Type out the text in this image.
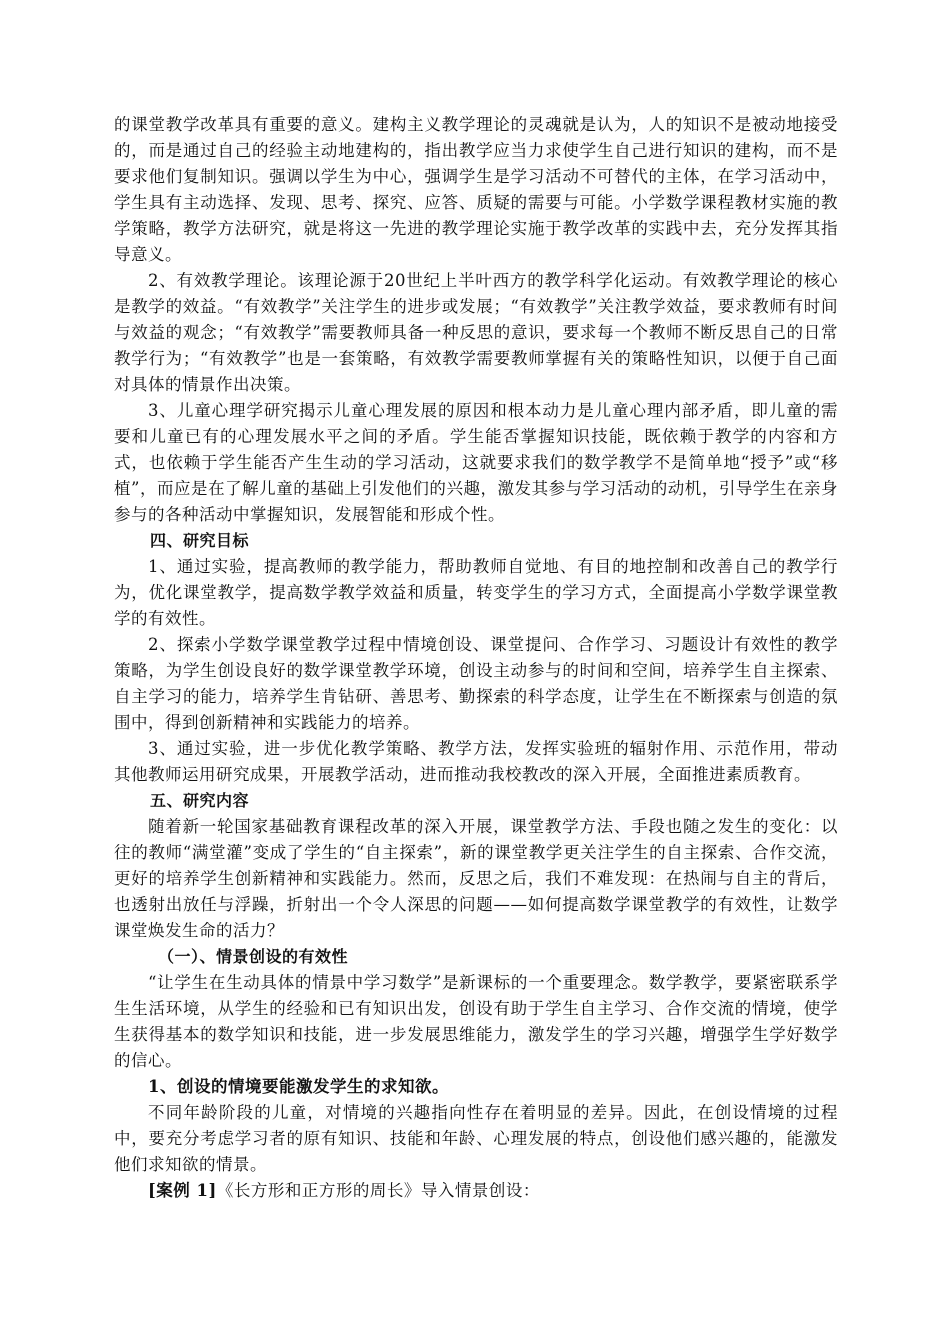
的课堂教学改革具有重要的意义。建构主义教学理论的灵魂就是认为，人的知识不是被动地接受的，而是通过自己的经验主动地建构的，指出教学应当力求使学生自己进行知识的建构，而不是要求他们复制知识。强调以学生为中心，强调学生是学习活动不可替代的主体，在学习活动中，学生具有主动选择、发现、思考、探究、应答、质疑的需要与可能。小学数学课程教材实施的教学策略，教学方法研究，就是将这一先进的教学理论实施于教学改革的实践中去，充分发挥其指导意义。

2、有效教学理论。该理论源于20世纪上半叶西方的教学科学化运动。有效教学理论的核心是教学的效益。“有效教学”关注学生的进步或发展；“有效教学”关注教学效益，要求教师有时间与效益的观念；“有效教学”需要教师具备一种反思的意识，要求每一个教师不断反思自己的日常教学行为；“有效教学”也是一套策略，有效教学需要教师掌握有关的策略性知识，以便于自己面对具体的情景作出决策。

3、儿童心理学研究揭示儿童心理发展的原因和根本动力是儿童心理内部矛盾，即儿童的需要和儿童已有的心理发展水平之间的矛盾。学生能否掌握知识技能，既依赖于教学的内容和方式，也依赖于学生能否产生生动的学习活动，这就要求我们的数学教学不是简单地“授予”或“移植”，而应是在了解儿童的基础上引发他们的兴趣，激发其参与学习活动的动机，引导学生在亲身参与的各种活动中掌握知识，发展智能和形成个性。

四、研究目标

1、通过实验，提高教师的教学能力，帮助教师自觉地、有目的地控制和改善自己的教学行为，优化课堂教学，提高数学教学效益和质量，转变学生的学习方式，全面提高小学数学课堂教学的有效性。

2、探索小学数学课堂教学过程中情境创设、课堂提问、合作学习、习题设计有效性的教学策略，为学生创设良好的数学课堂教学环境，创设主动参与的时间和空间，培养学生自主探索、自主学习的能力，培养学生肯钻研、善思考、勤探索的科学态度，让学生在不断探索与创造的氛围中，得到创新精神和实践能力的培养。

3、通过实验，进一步优化教学策略、教学方法，发挥实验班的辐射作用、示范作用，带动其他教师运用研究成果，开展教学活动，进而推动我校教改的深入开展，全面推进素质教育。

五、研究内容

随着新一轮国家基础教育课程改革的深入开展，课堂教学方法、手段也随之发生的变化：以往的教师“满堂灌”变成了学生的“自主探索”，新的课堂教学更关注学生的自主探索、合作交流，更好的培养学生创新精神和实践能力。然而，反思之后，我们不难发现：在热闹与自主的背后，也透射出放任与浮躁，折射出一个令人深思的问题——如何提高数学课堂教学的有效性，让数学课堂焕发生命的活力？

（一）、情景创设的有效性

“让学生在生动具体的情景中学习数学”是新课标的一个重要理念。数学教学，要紧密联系学生生活环境，从学生的经验和已有知识出发，创设有助于学生自主学习、合作交流的情境，使学生获得基本的数学知识和技能，进一步发展思维能力，激发学生的学习兴趣，增强学生学好数学的信心。

1、创设的情境要能激发学生的求知欲。

不同年龄阶段的儿童，对情境的兴趣指向性存在着明显的差异。因此，在创设情境的过程中，要充分考虑学习者的原有知识、技能和年龄、心理发展的特点，创设他们感兴趣的，能激发他们求知欲的情景。

[案例 1]《长方形和正方形的周长》导入情景创设：
